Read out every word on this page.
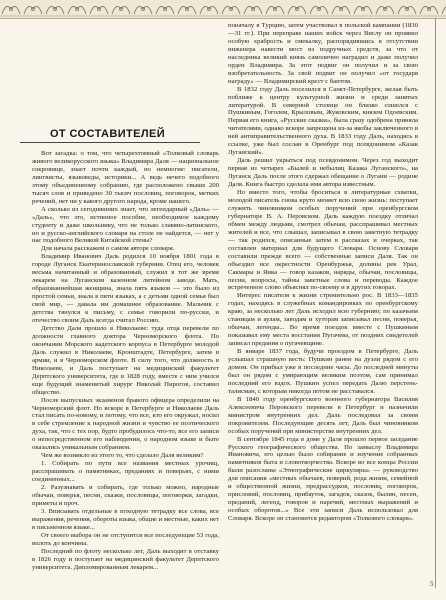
ОТ СОСТАВИТЕЛЕЙ

Вот загадка: о том, что четырехтомный «Толковый словарь живого великорусского языка» Владимира Даля — национальное сокровище, знает почти каждый, но немногие: писатели, лингвисты, языковеды, историки... А ведь нечего подобного этому объединенному собранию, где расположено свыше 200 тысяч слов и приведено 30 тысяч пословиц, поговорок, метких речений, нет ни у какого другого народа, кроме нашего.

А сколько из сегодняшних знает, что легендарный «Даль» — «Даль», что это, истинное пособие, необходимое каждому студенту и даже школьнику, что не только славяно-латинского, но и русско-английского словаря на столе не найдется, — нет у нас подобного Великой Китайской стены?

Для начала расскажем о самом авторе словаря.

Владимир Иванович Даль родился 10 ноября 1801 года в городе Луганск Екатеринославской губернии. Отец его, человек весьма начитанный и образованный, служил в тот же время лекарем на Луганском казенном литейном заводе. Мать, образованнейшая женщина, знала пять языков — это было из простой семьи, знала в пяти языках, а с детьми одной семья был свой мир, — давала им домашнее образование. Мальчик с детства тянулся к письму, с семье говорили по-русски, и отечество своим Даль всегда считал Россию.

Детство Даля прошло в Николаеве: туда отца перевели по должности главного доктора Черноморского флота. По окончании Морского кадетского корпуса в Петербурге молодой Даль служил в Николаеве, Кронштадте, Петербурге, затем в армии, и в Черноморском флоте. В силу того, что должность в Николаеве, и Даль поступает на медицинский факультет Дерптского университета, где в 1828 году, вместе с ним учился еще будущий знаменитый хирург Николай Пирогов, составил общество.

После выпускных экзаменов бравого офицера определили на Черноморский флот. Но вскоре в Петербурге и Николаеве Даль стал писать по-новому, и потому, что все, кто его окружал, носил в себе стремление к народной жизни и чувство ее поэтического духа, так, что с тех пор, будто пробудилось что-то, все его записи о непосредственном его наблюдении, о народном языке и быте оказались уникальным собранием.

Чем же возникло из этого то, что сделало Даля великим?

1. Собирать по пути все названия местных урочищ, расспрашивать о памятниках, преданиях и поверьях, с ними соединенных...

2. Разузнавать и собирать, где только можно, народные обычаи, поверья, песни, сказки, пословицы, поговорки, загадки, приметы и проч.

3. Вписывать отдельные в походную тетрадку все слова, все выражения, речения, обороты языка, общие и местные, каких нет в письменном языке...

От своего выбора он не отступится все последующие 53 года, вплоть до кончины.

Последний по флоту несколько лет, Даль выходит в отставку в 1826 году и поступает на медицинский факультет Дерптского университета. Дипломированным лекарем...

поначалу в Турцию, затем участвовал в польской кампании (1830—31 гг.). При переправе наших войск через Вислу он проявил особую храбрость и смекалку, распорядившись в отсутствии инженера навести мост из подручных средств, за что от наследника великий князь самолично наградил и даже получил орден Владимира. За этот подвиг он получил и за свою изобретательность. За свой подвиг он получил «от государя награду» — Владимирский крест с бантом.

В 1832 году Даль поселился в Санкт-Петербурге, желая быть поближе к центру культурной жизни и среди занятых литературой. В северной столице он близко сошелся с Пушкиным, Гоголем, Крыловым, Жуковским, князем Одоевским. Первая его книга, «Русские сказки», была сразу одобрена приняла читателями, однако вскоре запрещена из-за якобы заключенного в ней антиправительственного духа. В 1833 году Даль, находясь в ссылке, уже был сослан в Оренбург под псевдонимом «Казак Луганский».

Даль решил укрыться под псевдонимом. Через год выходит первая из четырех «Былей и небылиц Казака Луганского», на Луганск Даль после этого сдержал обещание о Лугани — родине Даля. Книга быстро сделала имя автора известным.

Но вместо того, чтобы броситься в литературные схватки, молодой писатель снова круто меняет всю свою жизнь: поступает служить чиновником особых поручений при оренбургском губернаторе В. А. Перовском. Даль каждую поездку отличал обмен между людьми, смотрел обычаи, расспрашивал местных жителей и все, что слышал, записывал в свою заветную тетрадку — так родился, описанные затем в рассказах и очерках, так составлен материал для будущего Словаря. Основу Словаря составили прежде всего — собственные записи Даля. Так он объездил все окрестности Оренбуржья, долины рек Урал, Сакмары и Яика — говор казаков, наряды, обычаи, пословицы, песни, вопросы, тайны заветные слова и переводы. Каждое встреченное слово объяснял по-своему и в других говорах.

Интерес писателя к жизни стремительно рос. В 1833—1835 годах, находясь в служебных командировках по оренбургскому краю, за несколько лет Даль исходил всю губернию; по казачьим станицам и аулам, заводам и хуторам записывал песни, поверья, обычаи, легенды... Во время поездок вместе с Пушкиным показывал ему места восстания Пугачева, от поздних свидетелей записал предания о пугачевщине.

В январе 1837 года, будучи проездом в Петербурге, Даль услышал страшную весть: Пушкин ранен на дуэли рядом с его домом. Он прибыл уже в последние часы. До последней минуты был он рядом с умирающим великим поэтом, сам принимал последний его вздох. Пушкин успел передать Далю перстень-талисман, с которым никогда потом не расставался.

В 1840 году оренбургского военного губернатора Василия Алексеевича Перовского перевели в Петербург и назначили министром внутренних дел. Даль последовал за своим покровителем. Последующие десять лет, Даль был чиновником особых поручений при министерстве внутренних дел.

В сентябре 1845 года в доме у Даля прошло первое заседание Русского географического общества. По замыслу Владимира Ивановича, его целью было собирание и изучение собранных памятников быта и словотворчества. Вскоре во все концы России были разосланы «Этнографические циркуляры» — руководство для описания «местных обычаев, поверий, рода жизни, семейной и общественной жизни, предрассудков, пословиц, поговорок, присловий, пословиц, прибауток, загадок, сказок, былин, песен, преданий, легенд, говоров и наречий, местных выражений и особых оборотов...» Все эти записи Даль использовал для Словаря. Вскоре он становится редактором «Толкового словаря».

5
